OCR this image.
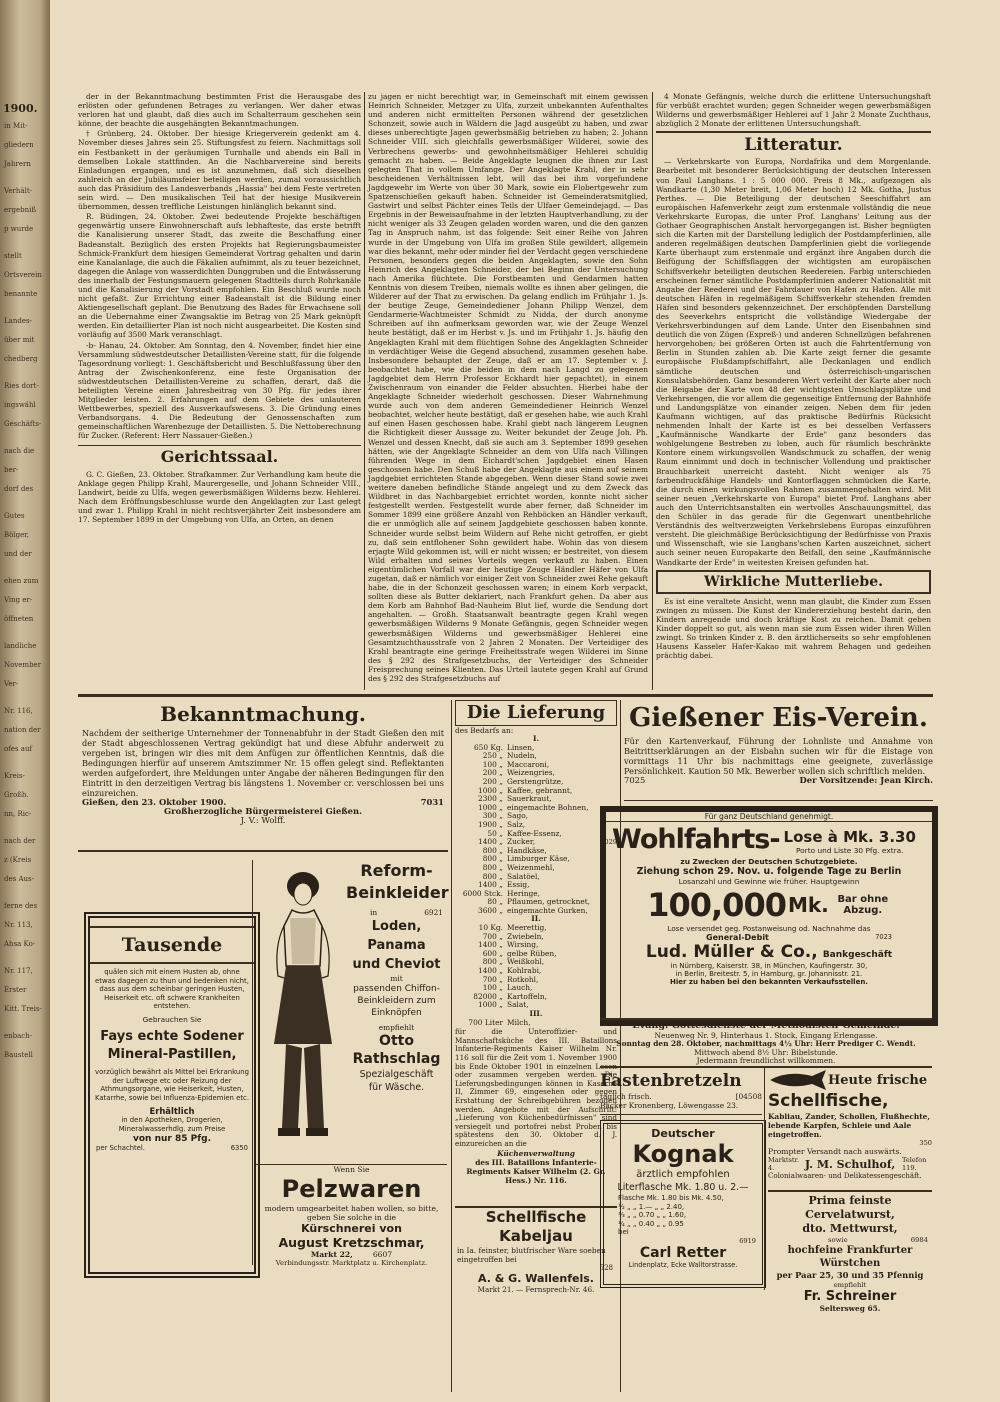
1900.
in Mit-
gliedern
Jahrern
Verhält-
ergebniß
p wurde
stellt
Ortsverein
benannte
Landes-
über mit
chedberg
Ries dort-
ingswähl
Geschäfts-
nach die
ber-
dorf des
Gutes
Bölger,
und der
ehen zum
Ving er-
öffneten
landliche
November
Ver-
Nr. 116,
nation der
ofes auf
Kreis-
Großh.
nn, Ric-
nach der
z (Kreis
des Aus-
ferne des
Nr. 113,
Ahsa Ko-
Nr. 117,
Erster
Kitt. Treis-
enbach-
Baustell

der in der Bekanntmachung bestimmten Frist die Herausgabe des erlösten oder gefundenen Betrages zu verlangen. Wer daher etwas verloren hat und glaubt, daß dies auch im Schalterraum geschehen sein könne, der beachte die ausgehängten Bekanntmachungen.

† Grünberg, 24. Oktober. Der hiesige Kriegerverein gedenkt am 4. November dieses Jahres sein 25. Stiftungsfest zu feiern. Nachmittags soll ein Festbankett in der geräumigen Turnhalle und abends ein Ball in demselben Lokale stattfinden. An die Nachbarvereine sind bereits Einladungen ergangen, und es ist anzunehmen, daß sich dieselben zahlreich an der Jubiläumsfeier beteiligen werden, zumal voraussichtlich auch das Präsidium des Landesverbands „Hassia" bei dem Feste vertreten sein wird. — Den musikalischen Teil hat der hiesige Musikverein übernommen, dessen treffliche Leistungen hinlänglich bekannt sind.

R. Büdingen, 24. Oktober. Zwei bedeutende Projekte beschäftigen gegenwärtig unsere Einwohnerschaft aufs lebhafteste, das erste betrifft die Kanalisierung unserer Stadt, das zweite die Beschaffung einer Badeanstalt. Bezüglich des ersten Projekts hat Regierungsbaumeister Schmick-Frankfurt dem hiesigen Gemeinderat Vortrag gehalten und darin eine Kanalanlage, die auch die Fäkalien aufnimmt, als zu teuer bezeichnet, dagegen die Anlage von wasserdichten Dunggruben und die Entwässerung des innerhalb der Festungsmauern gelegenen Stadtteils durch Rohrkanäle und die Kanalisierung der Vorstadt empfohlen. Ein Beschluß wurde noch nicht gefaßt. Zur Errichtung einer Badeanstalt ist die Bildung einer Aktiengesellschaft geplant. Die Benutzung des Bades für Erwachsene soll an die Uebernahme einer Zwangsaktie im Betrag von 25 Mark geknüpft werden. Ein detaillierter Plan ist noch nicht ausgearbeitet. Die Kosten sind vorläufig auf 3500 Mark veranschlagt.

-b- Hanau, 24. Oktober. Am Sonntag, den 4. November, findet hier eine Versammlung südwestdeutscher Detaillisten-Vereine statt, für die folgende Tagesordnung vorliegt: 1. Geschäftsbericht und Beschlußfassung über den Antrag der Zwischenkonferenz, eine feste Organisation der südwestdeutschen Detaillisten-Vereine zu schaffen, derart, daß die beteiligten Vereine einen Jahresbeitrag von 30 Pfg. für jedes ihrer Mitglieder leisten. 2. Erfahrungen auf dem Gebiete des unlauteren Wettbewerbes, speziell des Ausverkaufswesens. 3. Die Gründung eines Verbandsorgans. 4. Die Bedeutung der Genossenschaften zum gemeinschaftlichen Warenbezuge der Detaillisten. 5. Die Nettoberechnung für Zucker. (Referent: Herr Nassauer-Gießen.)

Gerichtssaal.

G. C. Gießen, 23. Oktober. Strafkammer. Zur Verhandlung kam heute die Anklage gegen Philipp Krahl, Maurergeselle, und Johann Schneider VIII., Landwirt, beide zu Ulfa, wegen gewerbsmäßigen Wilderns bezw. Hehlerei. Nach dem Eröffnungsbeschlusse wurde den Angeklagten zur Last gelegt und zwar 1. Philipp Krahl in nicht rechtsverjährter Zeit insbesondere am 17. September 1899 in der Umgebung von Ulfa, an Orten, an denen

zu jagen er nicht berechtigt war, in Gemeinschaft mit einem gewissen Heinrich Schneider, Metzger zu Ulfa, zurzeit unbekannten Aufenthaltes und anderen nicht ermittelten Personen während der gesetzlichen Schonzeit, sowie auch in Wäldern die Jagd ausgeübt zu haben, und zwar dieses unberechtigte Jagen gewerbsmäßig betrieben zu haben; 2. Johann Schneider VIII. sich gleichfalls gewerbsmäßiger Wilderei, sowie des Verbrechens gewerbs- und gewohnheitsmäßiger Hehlerei schuldig gemacht zu haben. — Beide Angeklagte leugnen die ihnen zur Last gelegten That in vollem Umfange. Der Angeklagte Krahl, der in sehr bescheidenen Verhältnissen lebt, will das bei ihm vorgefundene Jagdgewehr im Werte von über 30 Mark, sowie ein Flobertgewehr zum Spatzenschießen gekauft haben. Schneider ist Gemeinderatsmitglied, Gastwirt und selbst Pächter eines Teils der Ulfaer Gemeindejagd. — Das Ergebnis in der Beweisaufnahme in der letzten Hauptverhandlung, zu der nicht weniger als 33 Zeugen geladen worden waren, und die den ganzen Tag in Anspruch nahm, ist das folgende: Seit einer Reihe von Jahren wurde in der Umgebung von Ulfa im großen Stile gewildert, allgemein war dies bekannt, mehr oder minder fiel der Verdacht gegen verschiedene Personen, besonders gegen die beiden Angeklagten, sowie den Sohn Heinrich des Angeklagten Schneider, der bei Beginn der Untersuchung nach Amerika flüchtete. Die Forstbeamten und Gendarmen hatten Kenntnis von diesem Treiben, niemals wollte es ihnen aber gelingen, die Wilderer auf der That zu erwischen. Da gelang endlich im Frühjahr 1. Js. der beutige Zeuge, Gemeindediener Johann Philipp Wenzel, dem Gendarmerie-Wachtmeister Schmidt zu Nidda, der durch anonyme Schreiben auf ihn aufmerksam geworden war, wie der Zeuge Wenzel heute bestätigt, daß er im Herbst v. Js. und im Frühjahr 1. Js. häufig den Angeklagten Krahl mit dem flüchtigen Sohne des Angeklagten Schneider in verdächtiger Weise die Gegend absuchend, zusammen gesehen habe. Insbesondere behauptet der Zeuge, daß er am 17. September v. J. beobachtet habe, wie die beiden in dem nach Langd zu gelegenen Jagdgebiet dem Herrn Professor Eckhardt hier gepachtet), in einem Zwischenraum von einander die Felder absuchten. Hierbei habe der Angeklagte Schneider wiederholt geschossen. Dieser Wahrnehmung wurde auch von dem anderen Gemeindediener Heinrich Wenzel beobachtet, welcher heute bestätigt, daß er gesehen habe, wie auch Krahl auf einen Hasen geschossen habe. Krahl giebt nach längerem Leugnen die Richtigkeit dieser Aussage zu. Weiter bekundet der Zeuge Joh. Ph. Wenzel und dessen Knecht, daß sie auch am 3. September 1899 gesehen hätten, wie der Angeklagte Schneider an dem von Ulfa nach Villingen führenden Wege in dem Eichardt'schen Jagdgebiet einen Hasen geschossen habe. Den Schuß habe der Angeklagte aus einem auf seinem Jagdgebiet errichteten Stande abgegeben. Wenn dieser Stand sowie zwei weitere daneben befindliche Stände angelegt und zu dem Zweck das Wildbret in das Nachbargebiet errichtet worden, konnte nicht sicher festgestellt werden. Festgestellt wurde aber ferner, daß Schneider im Sommer 1899 eine größere Anzahl von Rehböcken an Händler verkauft, die er unmöglich alle auf seinem Jagdgebiete geschossen haben konnte. Schneider wurde selbst beim Wildern auf Rehe nicht getroffen, er giebt zu, daß sein entflohener Sohn gewildert habe. Wohin das von diesem erjagte Wild gekommen ist, will er nicht wissen; er bestreitet, von diesem Wild erhalten und seines Vorteils wegen verkauft zu haben. Einen eigentümlichen Vorfall war der heutige Zeuge Händler Häfer von Ulfa zugetan, daß er nämlich vor einiger Zeit von Schneider zwei Rehe gekauft habe, die in der Schonzeit geschossen waren; in einem Korb verpackt, sollten diese als Butter deklariert, nach Frankfurt gehen. Da aber aus dem Korb am Bahnhof Bad-Nauheim Blut lief, wurde die Sendung dort angehalten. — Großh. Staatsanwalt beantragte gegen Krahl wegen gewerbsmäßigen Wilderns 9 Monate Gefängnis, gegen Schneider wegen gewerbsmäßigen Wilderns und gewerbsmäßiger Hehlerei eine Gesamtzuchthausstrafe von 2 Jahren 2 Monaten. Der Verteidiger des Krahl beantragte eine geringe Freiheitsstrafe wegen Wilderei im Sinne des § 292 des Strafgesetzbuchs, der Verteidiger des Schneider Freisprechung seines Klienten. Das Urteil lautete gegen Krahl auf Grund des § 292 des Strafgesetzbuchs auf

4 Monate Gefängnis, welche durch die erlittene Untersuchungshaft für verbüßt erachtet wurden; gegen Schneider wegen gewerbsmäßigen Wilderns und gewerbsmäßiger Hehlerei auf 1 Jahr 2 Monate Zuchthaus, abzüglich 2 Monate der erlittenen Untersuchungshaft.

Litteratur.

— Verkehrskarte von Europa, Nordafrika und dem Morgenlande. Bearbeitet mit besonderer Berücksichtigung der deutschen Interessen von Paul Langhans. 1 : 5 000 000. Preis 8 Mk., aufgezogen als Wandkarte (1,30 Meter breit, 1,06 Meter hoch) 12 Mk. Gotha, Justus Perthes. — Die Beteiligung der deutschen Seeschiffahrt am europäischen Hafenverkehr zeigt zum erstenmale vollständig die neue Verkehrskarte Europas, die unter Prof. Langhans' Leitung aus der Gothaer Geographischen Anstalt hervorgegangen ist. Bisher begnügten sich die Karten mit der Darstellung lediglich der Postdampferlinien, alle anderen regelmäßigen deutschen Dampferlinien giebt die vorliegende Karte überhaupt zum erstenmale und ergänzt ihre Angaben durch die Beifügung der Schiffsflaggen der wichtigsten am europäischen Schiffsverkehr beteiligten deutschen Reedereien. Farbig unterschieden erscheinen ferner sämtliche Postdampferlinien anderer Nationalität mit Angabe der Reederei und der Fahrdauer von Hafen zu Hafen. Alle mit deutschen Häfen in regelmäßigem Schiffsverkehr stehenden fremden Häfen sind besonders gekennzeichnet. Der erschöpfenden Darstellung des Seeverkehrs entspricht die vollständige Wiedergabe der Verkehrsverbindungen auf dem Lande. Unter den Eisenbahnen sind deutlich die von Zügen (Expreß-) und anderen Schnellzügen befahrenen hervorgehoben; bei größeren Orten ist auch die Fahrtentfernung von Berlin in Stunden zahlen ab. Die Karte zeigt ferner die gesamte europäische Flußdampfschiffahrt, alle Deckanlagen und endlich sämtliche deutschen und österreichisch-ungarischen Konsulatsbehörden. Ganz besonderen Wert verleiht der Karte aber noch die Beigabe der Karte von 48 der wichtigsten Umschlagsplätze und Verkehrsengen, die vor allem die gegenseitige Entfernung der Bahnhöfe und Landungsplätze von einander zeigen. Neben dem für jeden Kaufmann wichtigen, auf das praktische Bedürfnis Rücksicht nehmenden Inhalt der Karte ist es bei desselben Verfassers „Kaufmännische Wandkarte der Erde" ganz besonders das wohlgelungene Bestreben zu loben, auch für räumlich beschränkte Kontore einem wirkungsvollen Wandschmuck zu schaffen, der wenig Raum einnimmt und doch in technischer Vollendung und praktischer Brauchbarkeit unerreicht dasteht. Nicht weniger als 75 farbendruckfähige Handels- und Kontorflaggen schmücken die Karte, die durch einen wirkungsvollen Rahmen zusammengehalten wird. Mit seiner neuen „Verkehrskarte von Europa" bietet Prof. Langhans aber auch den Unterrichtsanstalten ein wertvolles Anschauungsmittel, das den Schüler in das gerade für die Gegenwart unentbehrliche Verständnis des weltverzweigten Verkehrslebens Europas einzuführen versteht. Die gleichmäßige Berücksichtigung der Bedürfnisse von Praxis und Wissenschaft, wie sie Langhans'schen Karten auszeichnet, sichert auch seiner neuen Europakarte den Beifall, den seine „Kaufmännische Wandkarte der Erde" in weitesten Kreisen gefunden hat.

Wirkliche Mutterliebe.

Es ist eine veraltete Ansicht, wenn man glaubt, die Kinder zum Essen zwingen zu müssen. Die Kunst der Kindererziehung besteht darin, den Kindern anregende und doch kräftige Kost zu reichen. Damit geben Kinder doppelt so gut, als wenn man sie zum Essen wider ihren Willen zwingt. So trinken Kinder z. B. den ärztlicherseits so sehr empfohlenen Hausens Kasseler Hafer-Kakao mit wahrem Behagen und gedeihen prächtig dabei.

Bekanntmachung.
Nachdem der seitherige Unternehmer der Tonnenabfuhr in der Stadt Gießen den mit der Stadt abgeschlossenen Vertrag gekündigt hat und diese Abfuhr anderweit zu vergeben ist, bringen wir dies mit dem Anfügen zur öffentlichen Kenntnis, daß die Bedingungen hierfür auf unserem Amtszimmer Nr. 15 offen gelegt sind. Reflektanten werden aufgefordert, ihre Meldungen unter Angabe der näheren Bedingungen für den Eintritt in den derzeitigen Vertrag bis längstens 1. November cr. verschlossen bei uns einzureichen.
Gießen, den 23. Oktober 1900.	7031
Großherzogliche Bürgermeisterei Gießen.
J. V.: Wolff.
Die Lieferung
des Bedarfs an:
I.
650 Kg. Linsen,
250 „ Nudeln,
100 „ Maccaroni,
200 „ Weizengries,
200 „ Gerstengrütze,
1000 „ Kaffee, gebrannt,
2300 „ Sauerkraut,
1000 „ eingemachte Bohnen,
300 „ Sago,
1900 „ Salz,
50 „ Kaffee-Essenz,
1400 „ Zucker,	7029
800 „ Handkäse,
800 „ Limburger Käse,
800 „ Weizenmehl,
800 „ Salatöel,
1400 „ Essig,
6000 Stck. Heringe,
80 „ Pflaumen, getrocknet,
3600 „ eingemachte Gurken,
II.
10 Kg. Meerettig,
700 „ Zwiebeln,
1400 „ Wirsing,
600 „ gelbe Rüben,
800 „ Weißkohl,
1400 „ Kohlrabi,
700 „ Rotkohl,
100 „ Lauch,
82000 „ Kartoffeln,
1000 „ Salat,
III.
700 Liter Milch,
für die Unteroffizier- und Mannschaftsküche des III. Bataillons Infanterie-Regiments Kaiser Wilhelm Nr. 116 soll für die Zeit vom 1. November 1900 bis Ende Oktober 1901 in einzelnen Losen oder zusammen vergeben werden. Die Lieferungsbedingungen können in Kaserne II, Zimmer 69, eingesehen oder gegen Erstattung der Schreibgebühren bezogen werden. Angebote mit der Aufschrift: „Lieferung von Küchenbedürfnissen" sind versiegelt und portofrei nebst Proben bis spätestens den 30. Oktober d. J. einzureichen an die
Küchenverwaltung
des III. Bataillons Infanterie-Regiments Kaiser Wilhelm (2. Gr. Hess.) Nr. 116.
Gießener Eis-Verein.
Für den Kartenverkauf, Führung der Lohnliste und Annahme von Beitrittserklärungen an der Eisbahn suchen wir für die Eistage von vormittags 11 Uhr bis nachmittags eine geeignete, zuverlässige Persönlichkeit. Kaution 50 Mk. Bewerber wollen sich schriftlich melden.
7025	Der Vorsitzende: Jean Kirch.
Für ganz Deutschland genehmigt.
Wohlfahrts- Lose à Mk. 3.30
Porto und Liste 30 Pfg. extra.
zu Zwecken der Deutschen Schutzgebiete.
Ziehung schon 29. Nov. u. folgende Tage zu Berlin
Losanzahl und Gewinne wie früher. Hauptgewinn
100,000 Mk. Bar ohne Abzug.
Lose versendet geg. Postanweisung od. Nachnahme das
General-Debit	7023
Lud. Müller & Co., Bankgeschäft
in Nürnberg, Kaiserstr. 38, in München, Kaufingerstr. 30,
in Berlin, Breitestr. 5, in Hamburg, gr. Johannisstr. 21.
Hier zu haben bei den bekannten Verkaufsstellen.
Evang. Gottesdienste der Methodisten-Gemeinde.
Neuenweg Nr. 9, Hinterhaus 1. Stock, Eingang Erlengasse.
Sonntag den 28. Oktober, nachmittags 4½ Uhr: Herr Prediger C. Wendt.
Mittwoch abend 8½ Uhr: Bibelstunde.
Jedermann freundlichst willkommen.
Tausende
quälen sich mit einem Husten ab, ohne etwas dagegen zu thun und bedenken nicht, dass aus dem scheinbar geringen Husten, Heiserkeit etc. oft schwere Krankheiten entstehen.
Gebrauchen Sie
Fays echte Sodener
Mineral-Pastillen,
vorzüglich bewährt als Mittel bei Erkrankung der Luftwege etc oder Reizung der Athmungsorgane, wie Heiserkeit, Husten, Katarrhe, sowie bei Influenza-Epidemien etc.
Erhältlich
in den Apotheken, Drogerien, Mineralwasserhdlg. zum Preise
von nur 85 Pfg.
per Schachtel.	6350
Reform-
Beinkleider
in	6921
Loden, Panama
und Cheviot
mit
passenden Chiffon-Beinkleidern zum Einknöpfen
empfiehlt
Otto Rathschlag
Spezialgeschäft für Wäsche.
Wenn Sie
Pelzwaren
modern umgearbeitet haben wollen, so bitte, geben Sie solche in die
Kürschnerei von
August Kretzschmar,
Markt 22,	6607
Verbindungsstr. Marktplatz u. Kirchenplatz.
Schellfische
Kabeljau
in Ia. feinster, blutfrischer Ware soeben eingetroffen bei
528
A. & G. Wallenfels.
Markt 21. — Fernsprech-Nr. 46.
Fastenbretzeln
täglich frisch.	[04508
Bäcker Kronenberg, Löwengasse 23.
Deutscher
Kognak
ärztlich empfohlen
Literflasche Mk. 1.80 u. 2.—
Flasche Mk. 1.80 bis Mk. 4.50,
½ „ „ 1.— „ „ 2.40,
⅓ „ „ 0.70 „ „ 1.60,
¼ „ „ 0.40 „ „ 0.95
bei
6919
Carl Retter
Lindenplatz, Ecke Walltorstrasse.
Heute frische
Schellfische,
Kabliau, Zander, Schollen, Flußhechte, lebende Karpfen, Schleie und Aale eingetroffen.
350
Prompter Versandt nach auswärts.
Marktstr. 4.	J. M. Schulhof, Telefon 119.
Colonialwaaren- und Delikatessengeschäft.
Prima feinste Cervelatwurst,
dto. Mettwurst,
sowie	6984
hochfeine Frankfurter Würstchen
per Paar 25, 30 und 35 Pfennig
empfiehlt
Fr. Schreiner
Seltersweg 65.
